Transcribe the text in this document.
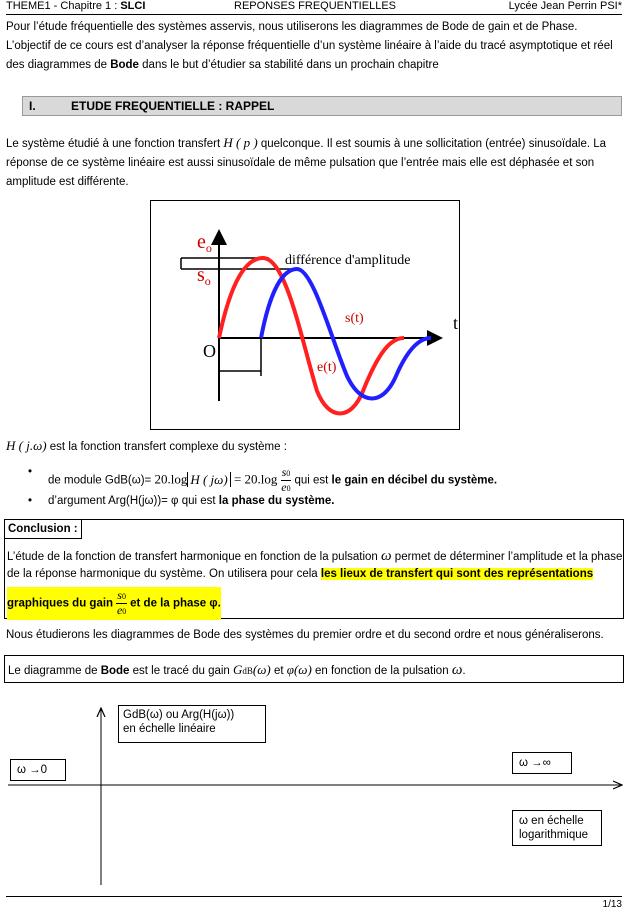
THEME1 - Chapitre 1 : SLCI	REPONSES FREQUENTIELLES	Lycée Jean Perrin PSI*
Pour l’étude fréquentielle des systèmes asservis, nous utiliserons les diagrammes de Bode de gain et de Phase.
L’objectif de ce cours est d’analyser la réponse fréquentielle d’un système linéaire à l’aide du tracé asymptotique et réel
des diagrammes de Bode dans le but d’étudier sa stabilité dans un prochain chapitre
I.	ETUDE FREQUENTIELLE : RAPPEL
Le système étudié à une fonction transfert H ( p ) quelconque. Il est soumis à une sollicitation (entrée) sinusoïdale. La
réponse de ce système linéaire est aussi sinusoïdale de même pulsation que l’entrée mais elle est déphasée et son
amplitude est différente.
$e_o$
$s_o$
O
t
différence d'amplitude
s(t)
e(t)
H ( j.ω) est la fonction transfert complexe du système :
•
de module GdB(ω)= 20.log H ( $j\omega) = 20.\log \frac{s0}{e0}$ qui est le gain en décibel du système.
• d’argument Arg(H(jω))= φ qui est la phase du système.
Conclusion :
L’étude de la fonction de transfert harmonique en fonction de la pulsation ω permet de déterminer l’amplitude et la phase
de la réponse harmonique du système. On utilisera pour cela les lieux de transfert qui sont des représentations
graphiques du gain $\frac{s0}{e0}$ et de la phase φ.
Nous étudierons les diagrammes de Bode des systèmes du premier ordre et du second ordre et nous généraliserons.
Le diagramme de Bode est le tracé du gain GdB(ω) et φ(ω) en fonction de la pulsation ω.
GdB(ω) ou Arg(H(jω))
en échelle linéaire
ω →0
ω →∞
ω en échelle
logarithmique
1/13
